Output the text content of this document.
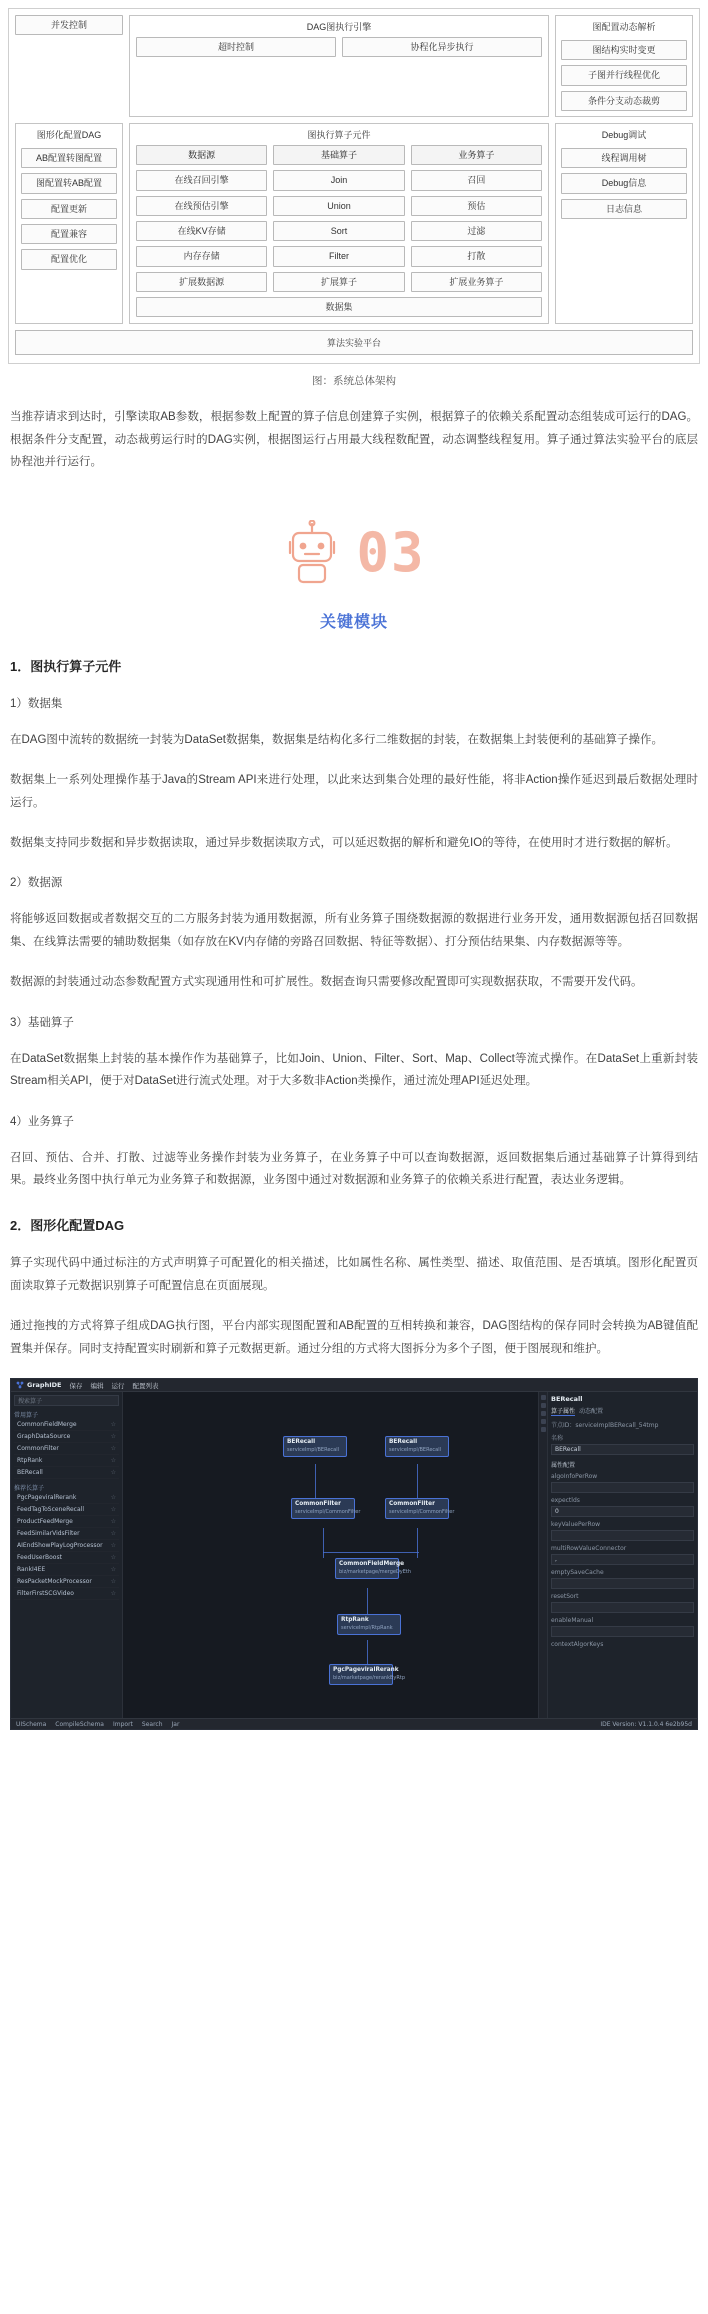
并发控制	DAG图执行引擎
超时控制	协程化异步执行
图配置动态解析
图结构实时变更
子图并行线程优化
条件分支动态裁剪
图形化配置DAG
AB配置转图配置
图配置转AB配置
配置更新
配置兼容
配置优化
图执行算子元件
数据源
在线召回引擎
在线预估引擎
在线KV存储
内存存储
扩展数据源
基础算子
Join
Union
Sort
Filter
扩展算子
业务算子
召回
预估
过滤
打散
扩展业务算子
数据集
Debug调试
线程调用树
Debug信息
日志信息
算法实验平台
图：系统总体架构

当推荐请求到达时，引擎读取AB参数，根据参数上配置的算子信息创建算子实例，根据算子的依赖关系配置动态组装成可运行的DAG。根据条件分支配置，动态裁剪运行时的DAG实例，根据图运行占用最大线程数配置，动态调整线程复用。算子通过算法实验平台的底层协程池并行运行。

03
关键模块
1．图执行算子元件
1）数据集

在DAG图中流转的数据统一封装为DataSet数据集，数据集是结构化多行二维数据的封装，在数据集上封装便利的基础算子操作。

数据集上一系列处理操作基于Java的Stream API来进行处理，以此来达到集合处理的最好性能，将非Action操作延迟到最后数据处理时运行。

数据集支持同步数据和异步数据读取，通过异步数据读取方式，可以延迟数据的解析和避免IO的等待，在使用时才进行数据的解析。

2）数据源

将能够返回数据或者数据交互的二方服务封装为通用数据源，所有业务算子围绕数据源的数据进行业务开发，通用数据源包括召回数据集、在线算法需要的辅助数据集（如存放在KV内存储的旁路召回数据、特征等数据）、打分预估结果集、内存数据源等等。

数据源的封装通过动态参数配置方式实现通用性和可扩展性。数据查询只需要修改配置即可实现数据获取，不需要开发代码。

3）基础算子

在DataSet数据集上封装的基本操作作为基础算子，比如Join、Union、Filter、Sort、Map、Collect等流式操作。在DataSet上重新封装Stream相关API，便于对DataSet进行流式处理。对于大多数非Action类操作，通过流处理API延迟处理。

4）业务算子

召回、预估、合并、打散、过滤等业务操作封装为业务算子，在业务算子中可以查询数据源，返回数据集后通过基础算子计算得到结果。最终业务图中执行单元为业务算子和数据源，业务图中通过对数据源和业务算子的依赖关系进行配置，表达业务逻辑。

2．图形化配置DAG

算子实现代码中通过标注的方式声明算子可配置化的相关描述，比如属性名称、属性类型、描述、取值范围、是否填填。图形化配置页面读取算子元数据识别算子可配置信息在页面展现。

通过拖拽的方式将算子组成DAG执行图，平台内部实现图配置和AB配置的互相转换和兼容，DAG图结构的保存同时会转换为AB键值配置集并保存。同时支持配置实时刷新和算子元数据更新。通过分组的方式将大图拆分为多个子图，便于图展现和维护。

GraphIDE 保存 编辑 运行 配置列表
搜索算子
常用算子
CommonFieldMerge	☆
GraphDataSource	☆
CommonFilter	☆
RtpRank	☆
BERecall	☆
推荐长算子
PgcPageviralRerank	☆
FeedTagToSceneRecall	☆
ProductFeedMerge	☆
FeedSimilarVidsFilter	☆
AIEndShowPlayLogProcessor ☆
FeedUserBoost	☆
RankI4EE	☆
ResPacketMockProcessor	☆
FilterFirstSCGVideo	☆
BERecall
serviceImpl/BERecall
BERecall
serviceImpl/BERecall
CommonFilter
serviceImpl/CommonFilter
CommonFilter
serviceImpl/CommonFilter
CommonFieldMerge
biz/marketpage/mergeDyEth
RtpRank
serviceImpl/RtpRank
PgcPageviralRerank
biz/marketpage/rerankByRtp
BERecall
算子属性 动态配置
节点ID：serviceImplBERecall_54tmp
名称
BERecall
属性配置
algoInfoPerRow
expectlds
0
keyValuePerRow
multiRowValueConnector
,
emptySaveCache
resetSort
enableManual
contextAlgorKeys
UISchema CompileSchema Import Search Jar	IDE Version: V1.1.0.4 6e2b95d
